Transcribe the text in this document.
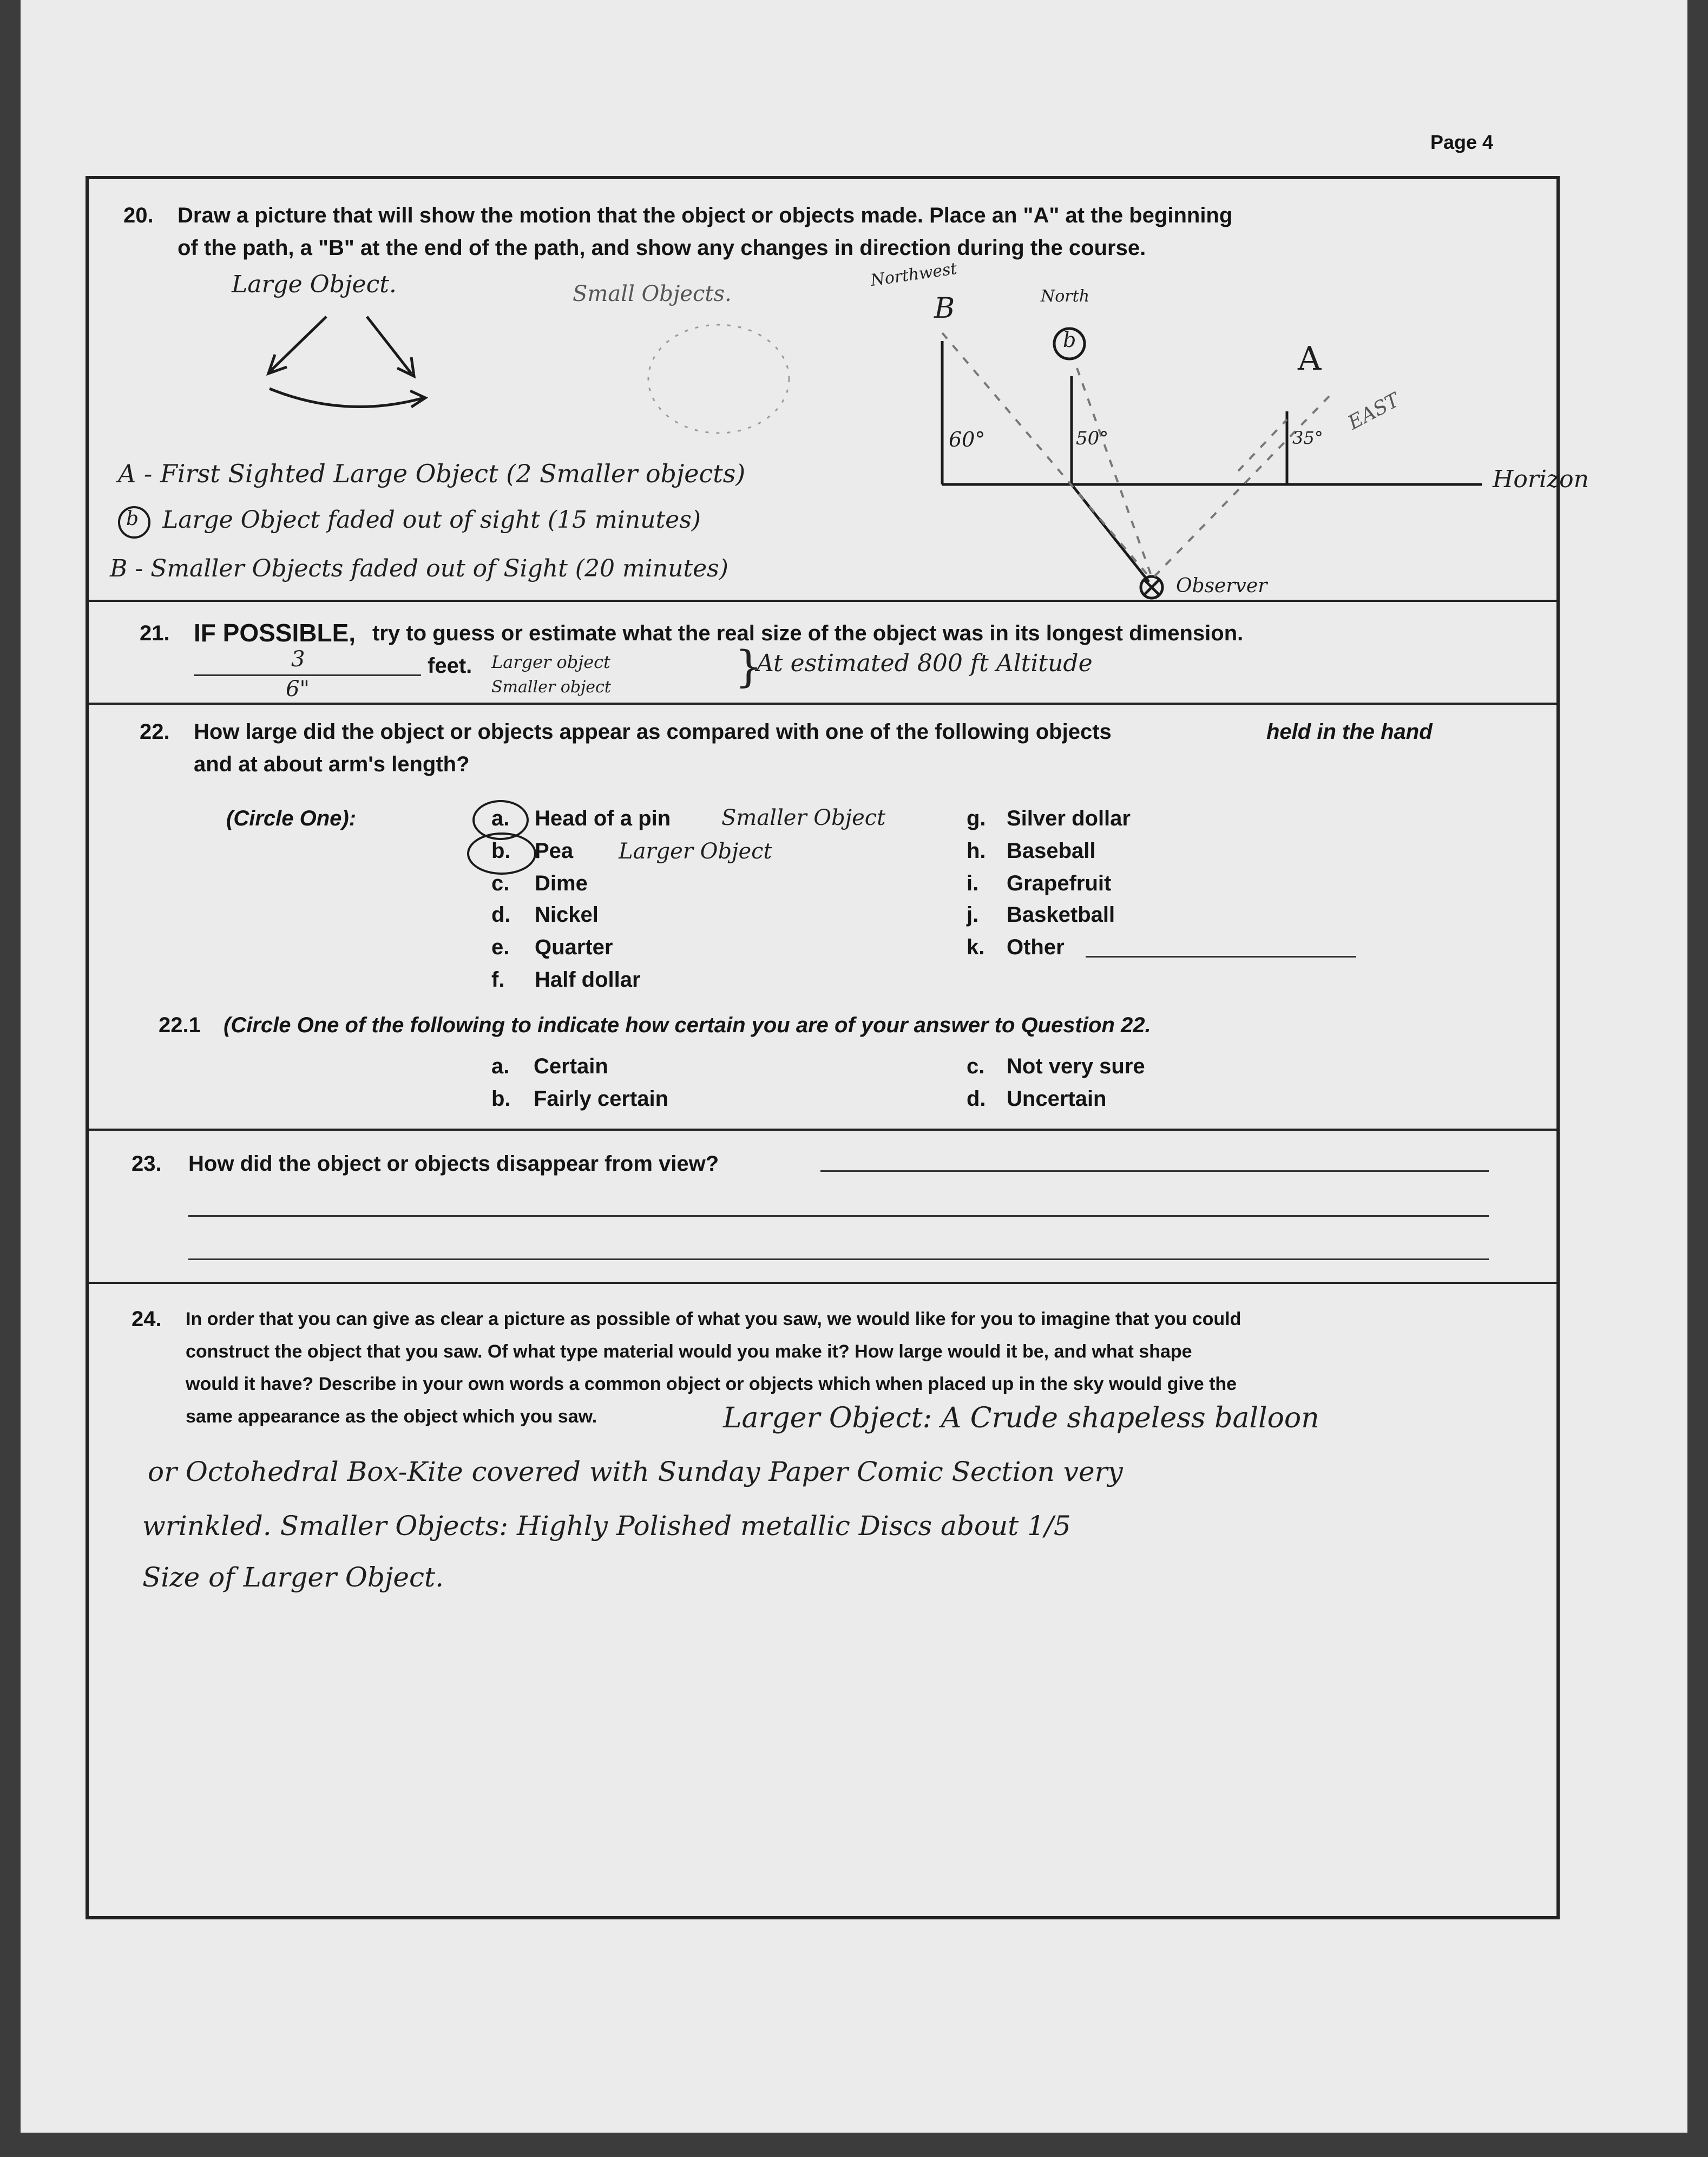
Page 4
20. Draw a picture that will show the motion that the object or objects made. Place an "A" at the beginning
of the path, a "B" at the end of the path, and show any changes in direction during the course.
Large Object.	Small Objects.
Northwest
North
B
b	A
60°	50°	35°
EAST
Horizon
Observer
A - First Sighted Large Object (2 Smaller objects)
b Large Object faded out of sight (15 minutes)
B - Smaller Objects faded out of Sight (20 minutes)
21. IF POSSIBLE, try to guess or estimate what the real size of the object was in its longest dimension.
3
6"
feet. Larger object
Smaller object	}
At estimated 800 ft Altitude
22. How large did the object or objects appear as compared with one of the following objects	held in the hand
and at about arm's length?
(Circle One):	a. Head of a pin Smaller Object
b. Pea Larger Object
c. Dime
d. Nickel
e. Quarter
f. Half dollar
g. Silver dollar
h. Baseball
i. Grapefruit
j. Basketball
k. Other
22.1 (Circle One of the following to indicate how certain you are of your answer to Question 22.
a. Certain
b. Fairly certain
c. Not very sure
d. Uncertain
23. How did the object or objects disappear from view?
24. In order that you can give as clear a picture as possible of what you saw, we would like for you to imagine that you could
construct the object that you saw. Of what type material would you make it? How large would it be, and what shape
would it have? Describe in your own words a common object or objects which when placed up in the sky would give the
same appearance as the object which you saw.	Larger Object: A Crude shapeless balloon
or Octohedral Box-Kite covered with Sunday Paper Comic Section very
wrinkled. Smaller Objects: Highly Polished metallic Discs about 1/5
Size of Larger Object.
